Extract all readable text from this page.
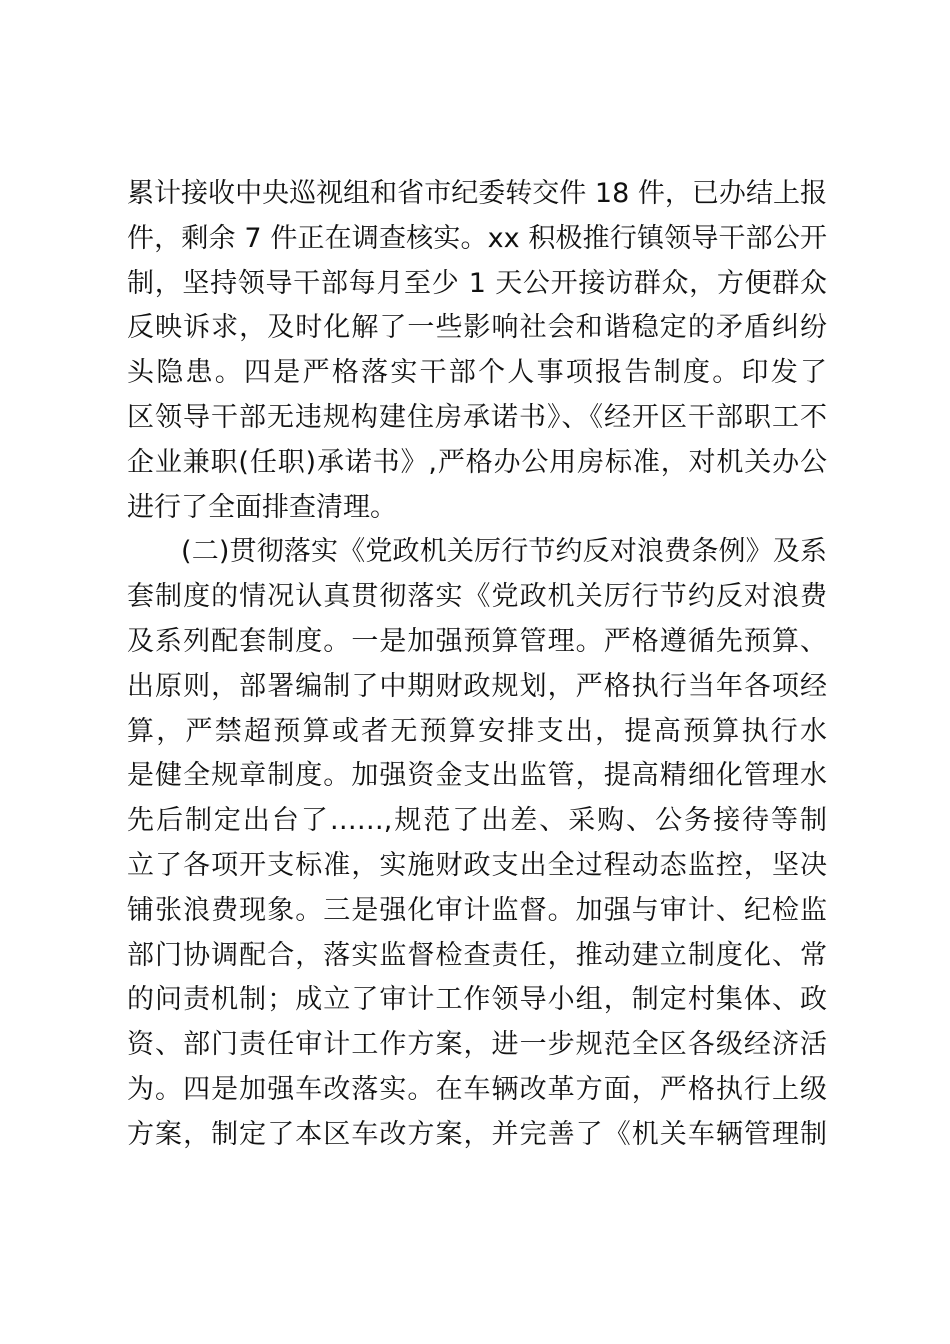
累计接收中央巡视组和省市纪委转交件 18 件，已办结上报
件，剩余 7 件正在调查核实。xx 积极推行镇领导干部公开
制，坚持领导干部每月至少 1 天公开接访群众，方便群众
反映诉求，及时化解了一些影响社会和谐稳定的矛盾纠纷
头隐患。四是严格落实干部个人事项报告制度。印发了
区领导干部无违规构建住房承诺书》、《经开区干部职工不
企业兼职(任职)承诺书》,严格办公用房标准，对机关办公
进行了全面排查清理。
(二)贯彻落实《党政机关厉行节约反对浪费条例》及系
套制度的情况认真贯彻落实《党政机关厉行节约反对浪费
及系列配套制度。一是加强预算管理。严格遵循先预算、
出原则，部署编制了中期财政规划，严格执行当年各项经
算，严禁超预算或者无预算安排支出，提高预算执行水
是健全规章制度。加强资金支出监管，提高精细化管理水
先后制定出台了……,规范了出差、采购、公务接待等制
立了各项开支标准，实施财政支出全过程动态监控，坚决
铺张浪费现象。三是强化审计监督。加强与审计、纪检监
部门协调配合，落实监督检查责任，推动建立制度化、常
的问责机制；成立了审计工作领导小组，制定村集体、政
资、部门责任审计工作方案，进一步规范全区各级经济活
为。四是加强车改落实。在车辆改革方面，严格执行上级
方案，制定了本区车改方案，并完善了《机关车辆管理制
